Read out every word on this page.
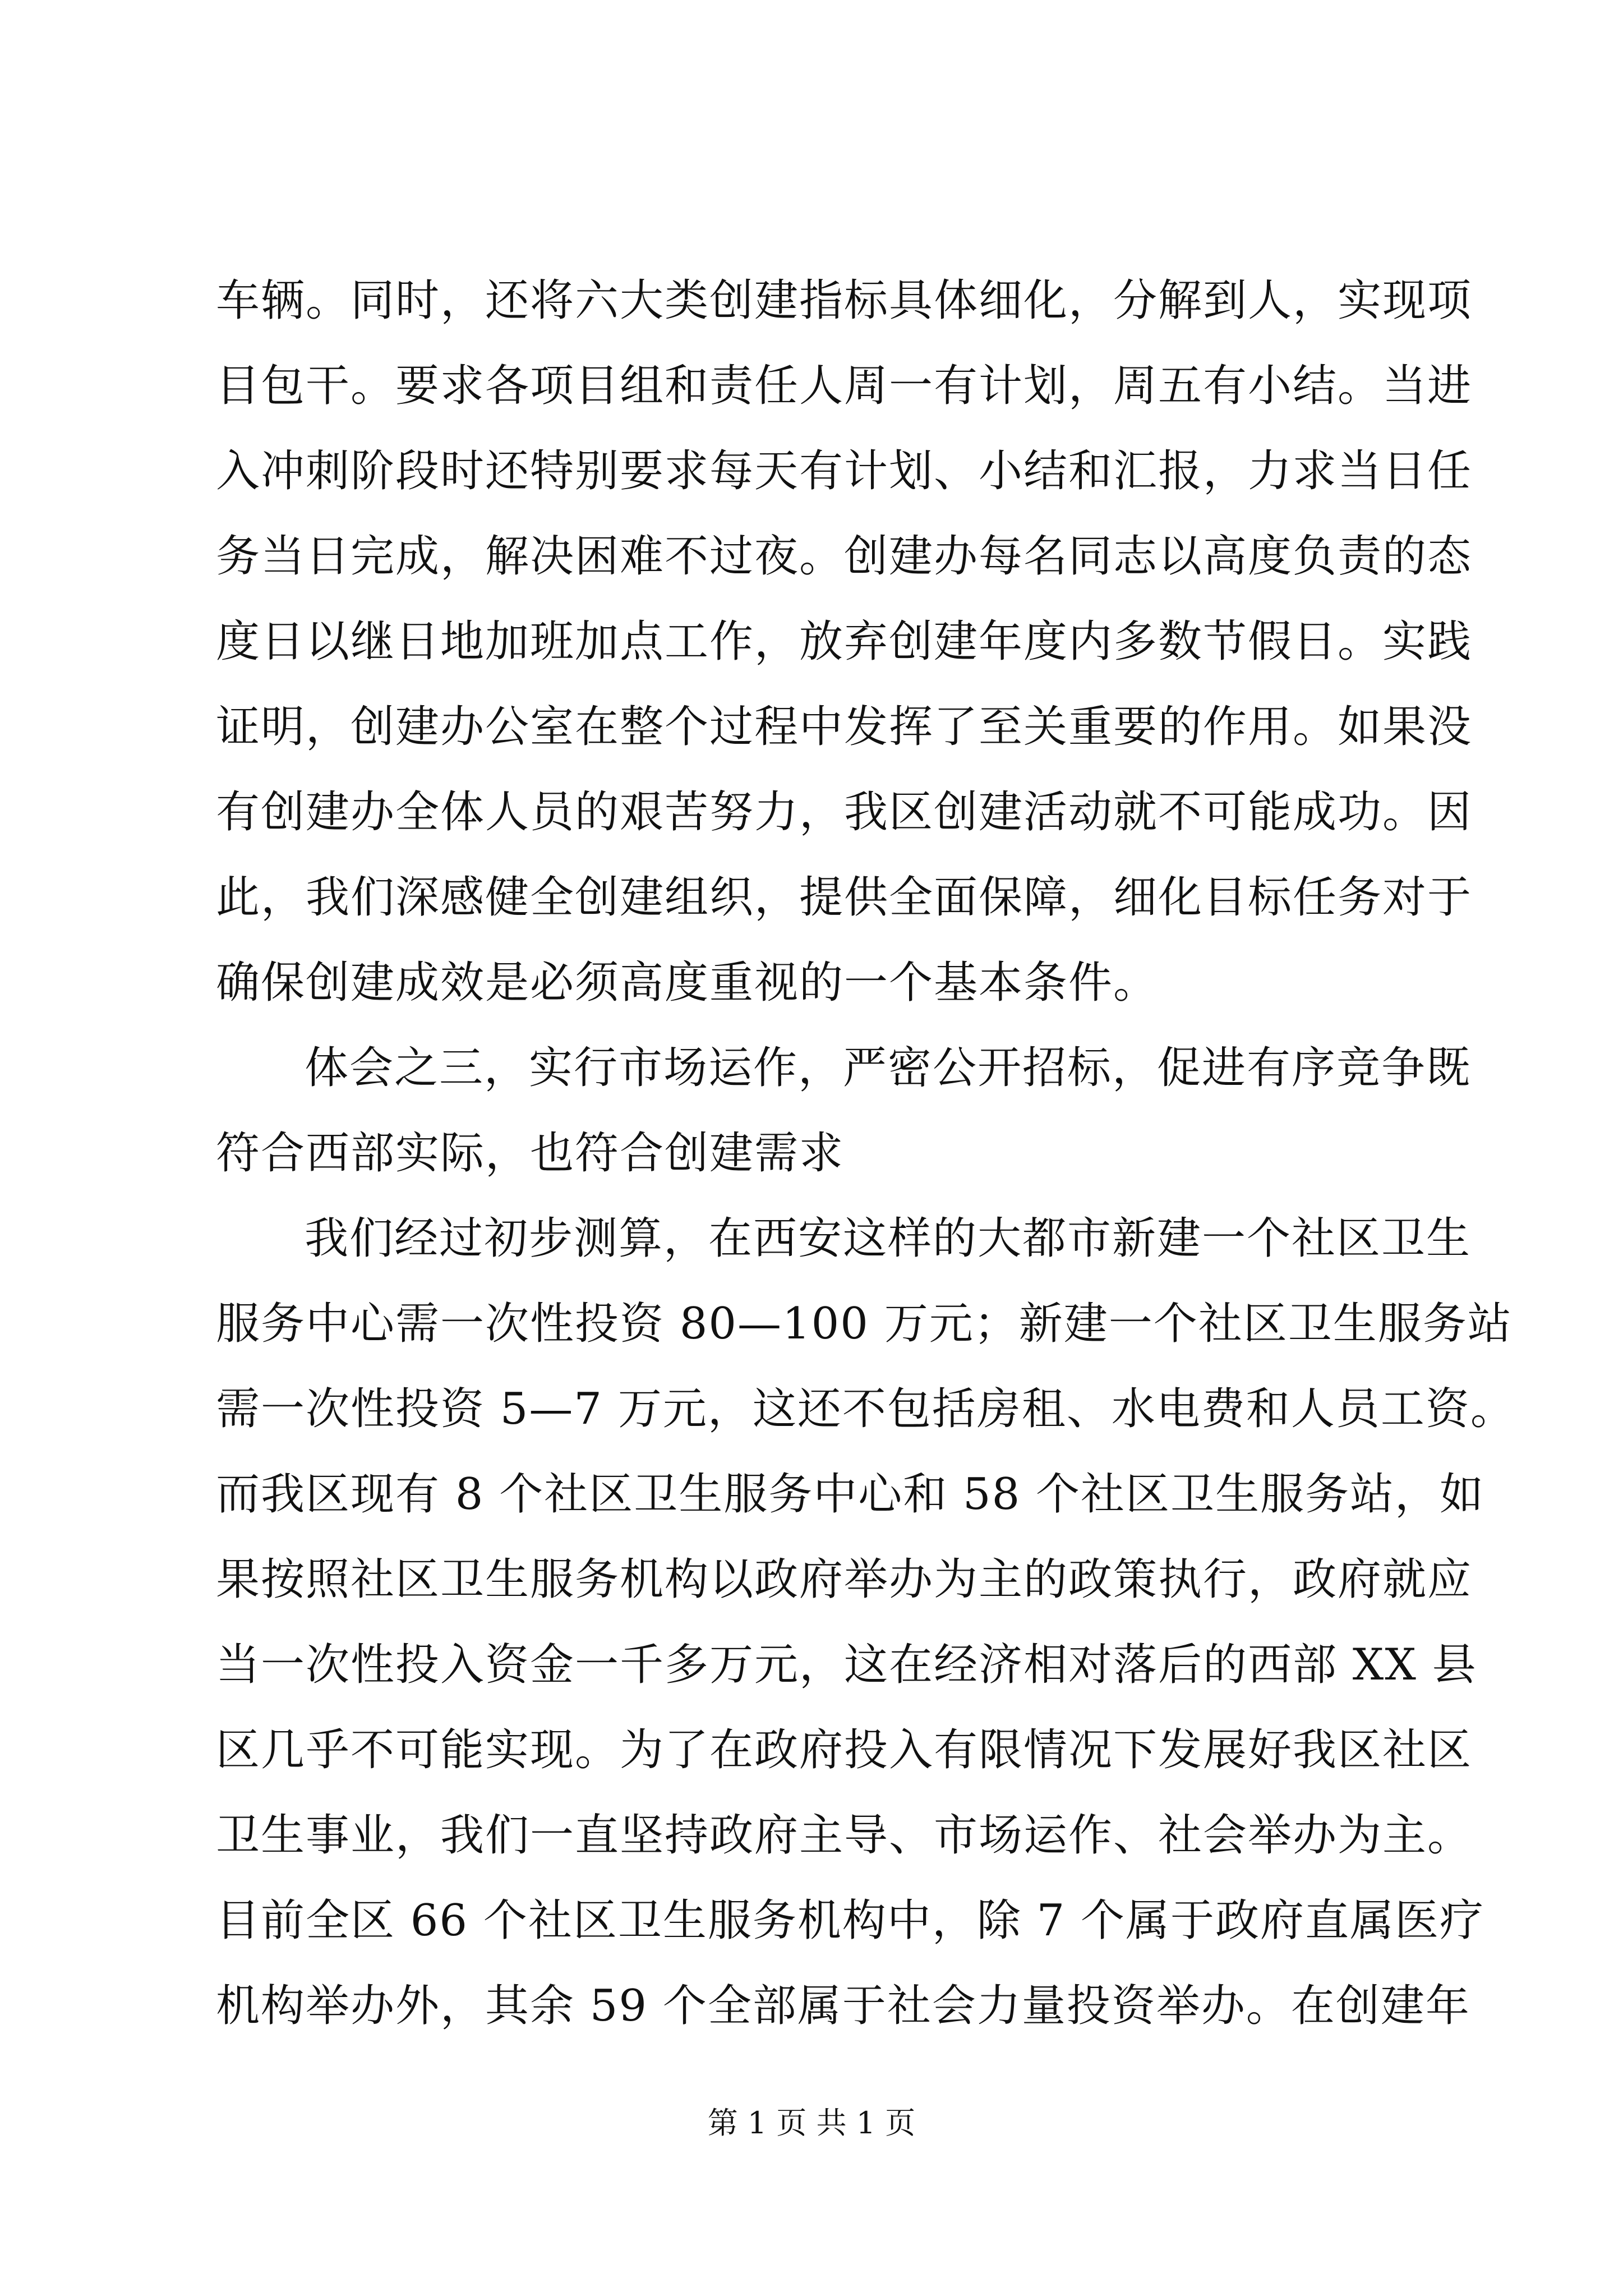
车辆。同时，还将六大类创建指标具体细化，分解到人，实现项
目包干。要求各项目组和责任人周一有计划，周五有小结。当进
入冲刺阶段时还特别要求每天有计划、小结和汇报，力求当日任
务当日完成，解决困难不过夜。创建办每名同志以高度负责的态
度日以继日地加班加点工作，放弃创建年度内多数节假日。实践
证明，创建办公室在整个过程中发挥了至关重要的作用。如果没
有创建办全体人员的艰苦努力，我区创建活动就不可能成功。因
此，我们深感健全创建组织，提供全面保障，细化目标任务对于
确保创建成效是必须高度重视的一个基本条件。
体会之三，实行市场运作，严密公开招标，促进有序竞争既
符合西部实际，也符合创建需求
我们经过初步测算，在西安这样的大都市新建一个社区卫生
服务中心需一次性投资 80—100 万元；新建一个社区卫生服务站
需一次性投资 5—7 万元，这还不包括房租、水电费和人员工资。
而我区现有 8 个社区卫生服务中心和 58 个社区卫生服务站，如
果按照社区卫生服务机构以政府举办为主的政策执行，政府就应
当一次性投入资金一千多万元，这在经济相对落后的西部 XX 县
区几乎不可能实现。为了在政府投入有限情况下发展好我区社区
卫生事业，我们一直坚持政府主导、市场运作、社会举办为主。
目前全区 66 个社区卫生服务机构中，除 7 个属于政府直属医疗
机构举办外，其余 59 个全部属于社会力量投资举办。在创建年
第 1 页 共 1 页
